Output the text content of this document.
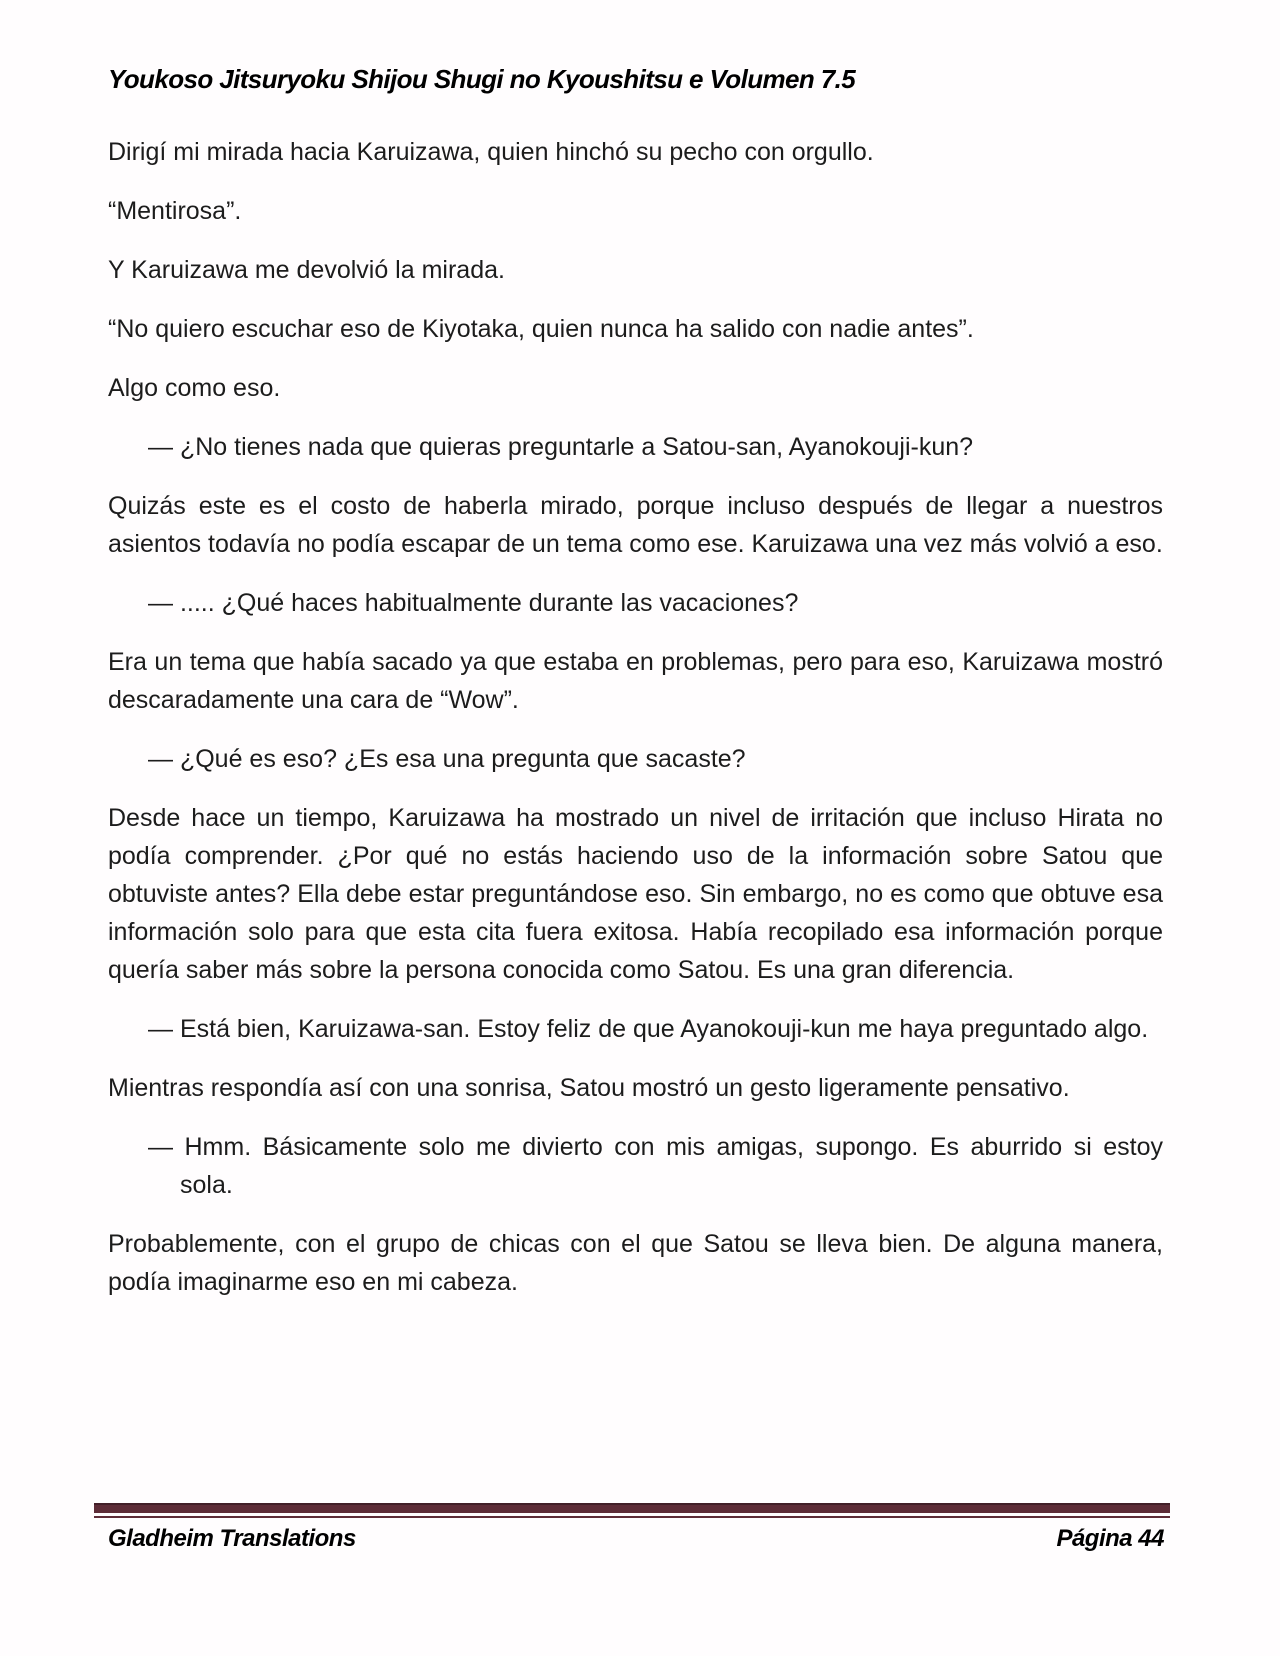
Youkoso Jitsuryoku Shijou Shugi no Kyoushitsu e Volumen 7.5

Dirigí mi mirada hacia Karuizawa, quien hinchó su pecho con orgullo.

“Mentirosa”.

Y Karuizawa me devolvió la mirada.

“No quiero escuchar eso de Kiyotaka, quien nunca ha salido con nadie antes”.

Algo como eso.

— ¿No tienes nada que quieras preguntarle a Satou-san, Ayanokouji-kun?

Quizás este es el costo de haberla mirado, porque incluso después de llegar a nuestros asientos todavía no podía escapar de un tema como ese. Karuizawa una vez más volvió a eso.

— ..... ¿Qué haces habitualmente durante las vacaciones?

Era un tema que había sacado ya que estaba en problemas, pero para eso, Karuizawa mostró descaradamente una cara de “Wow”.

— ¿Qué es eso? ¿Es esa una pregunta que sacaste?

Desde hace un tiempo, Karuizawa ha mostrado un nivel de irritación que incluso Hirata no podía comprender. ¿Por qué no estás haciendo uso de la información sobre Satou que obtuviste antes? Ella debe estar preguntándose eso. Sin embargo, no es como que obtuve esa información solo para que esta cita fuera exitosa. Había recopilado esa información porque quería saber más sobre la persona conocida como Satou. Es una gran diferencia.

— Está bien, Karuizawa-san. Estoy feliz de que Ayanokouji-kun me haya preguntado algo.

Mientras respondía así con una sonrisa, Satou mostró un gesto ligeramente pensativo.

— Hmm. Básicamente solo me divierto con mis amigas, supongo. Es aburrido si estoy sola.

Probablemente, con el grupo de chicas con el que Satou se lleva bien. De alguna manera, podía imaginarme eso en mi cabeza.

Gladheim Translations	Página 44
